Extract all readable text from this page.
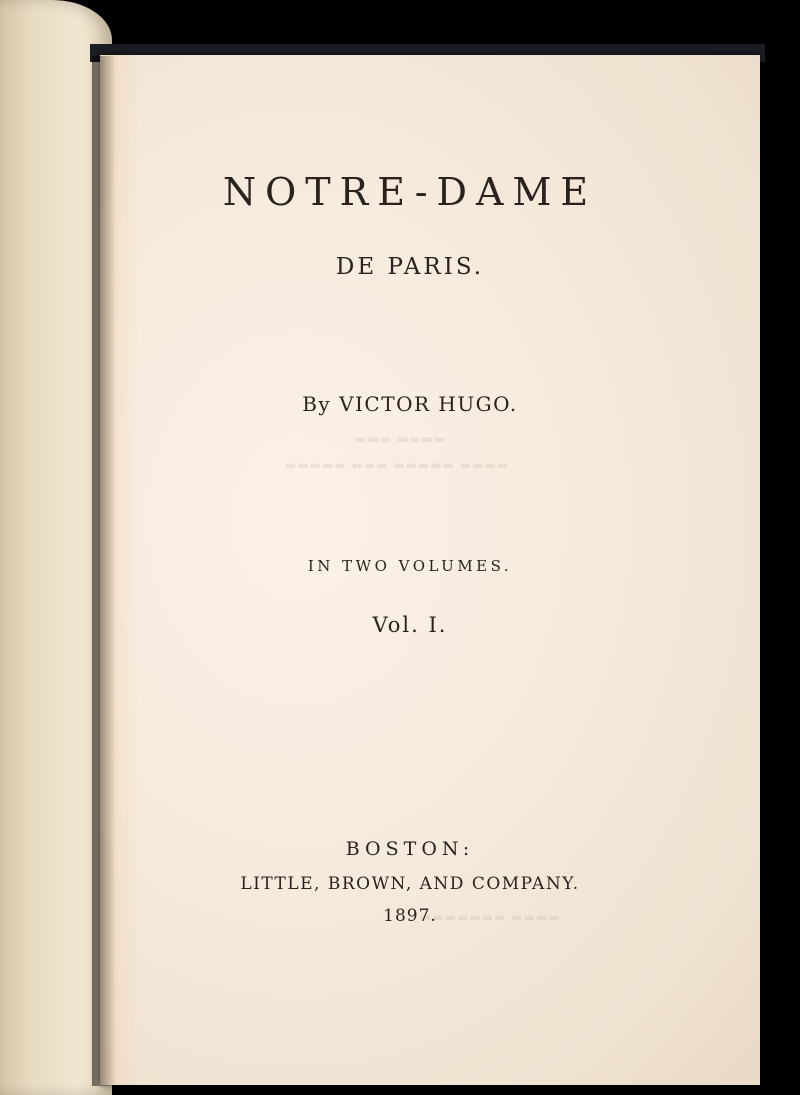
▬▬▬ ▬▬▬▬
▬▬▬▬▬ ▬▬▬ ▬▬▬▬▬ ▬▬▬▬
▬▬▬▬▬▬▬ ▬▬▬▬
NOTRE-DAME
DE PARIS.
By VICTOR HUGO.
IN TWO VOLUMES.
Vol. I.
BOSTON:
LITTLE, BROWN, AND COMPANY.
1897.
